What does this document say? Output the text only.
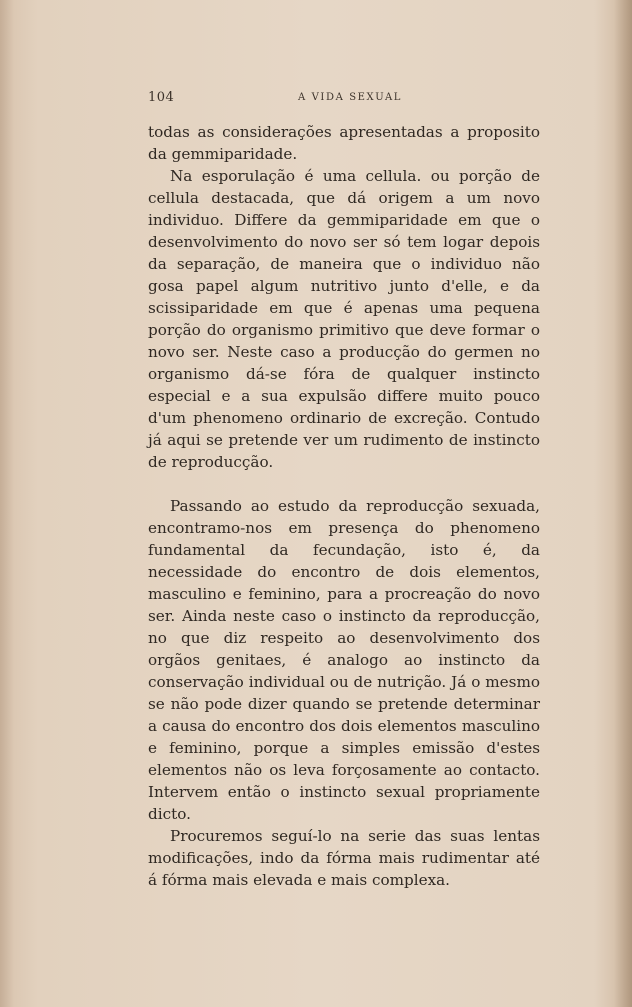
104	A VIDA SEXUAL

todas as considerações apresentadas a proposito da gemmiparidade.

Na esporulação é uma cellula. ou porção de cellula destacada, que dá origem a um novo individuo. Differe da gemmiparidade em que o desenvolvimento do novo ser só tem logar depois da separação, de maneira que o individuo não gosa papel algum nutritivo junto d'elle, e da scissiparidade em que é apenas uma pequena porção do organismo primitivo que deve formar o novo ser. Neste caso a producção do germen no organismo dá-se fóra de qualquer instincto especial e a sua expulsão differe muito pouco d'um phenomeno ordinario de excreção. Contudo já aqui se pretende ver um rudimento de instincto de reproducção.

Passando ao estudo da reproducção sexuada, encontramo-nos em presença do phenomeno fundamental da fecundação, isto é, da necessidade do encontro de dois elementos, masculino e feminino, para a procreação do novo ser. Ainda neste caso o instincto da reproducção, no que diz respeito ao desenvolvimento dos orgãos genitaes, é analogo ao instincto da conservação individual ou de nutrição. Já o mesmo se não pode dizer quando se pretende determinar a causa do encontro dos dois elementos masculino e feminino, porque a simples emissão d'estes elementos não os leva forçosamente ao contacto. Intervem então o instincto sexual propriamente dicto.

Procuremos seguí-lo na serie das suas lentas modificações, indo da fórma mais rudimentar até á fórma mais elevada e mais complexa.
